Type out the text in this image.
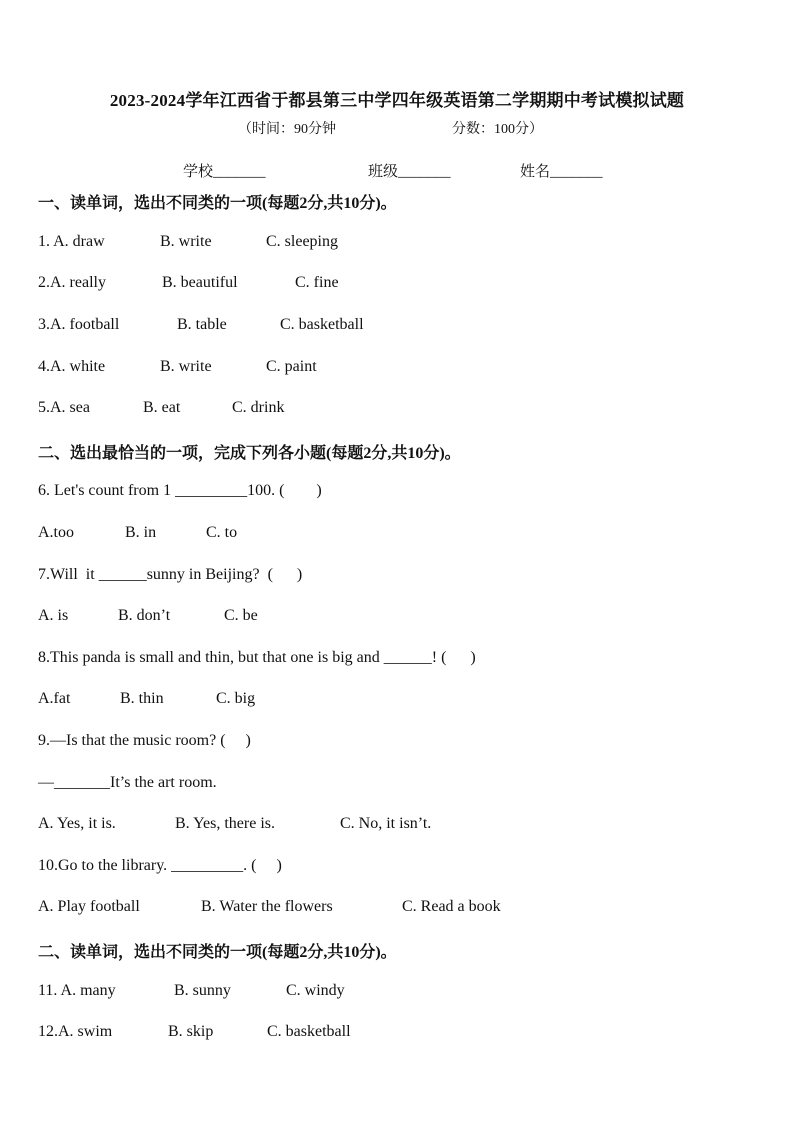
2023-2024学年江西省于都县第三中学四年级英语第二学期期中考试模拟试题
（时间：90分钟	分数：100分）
学校_______	班级_______	姓名_______
一、读单词，选出不同类的一项(每题2分,共10分)。
1. A. draw	B. write	C. sleeping
2.A. really	B. beautiful	C. fine
3.A. football	B. table	C. basketball
4.A. white	B. write	C. paint
5.A. sea	B. eat	C. drink
二、选出最恰当的一项，完成下列各小题(每题2分,共10分)。
6. Let's count from 1 _________100. (        )
A.too	B. in	C. to
7.Will  it ______sunny in Beijing?  (      )
A. is	B. don’t	C. be
8.This panda is small and thin, but that one is big and ______! (      )
A.fat	B. thin	C. big
9.—Is that the music room? (     )
—_______It’s the art room.
A. Yes, it is.	B. Yes, there is.	C. No, it isn’t.
10.Go to the library. _________. (     )
A. Play football	B. Water the flowers	C. Read a book
二、读单词，选出不同类的一项(每题2分,共10分)。
11. A. many	B. sunny	C. windy
12.A. swim	B. skip	C. basketball
